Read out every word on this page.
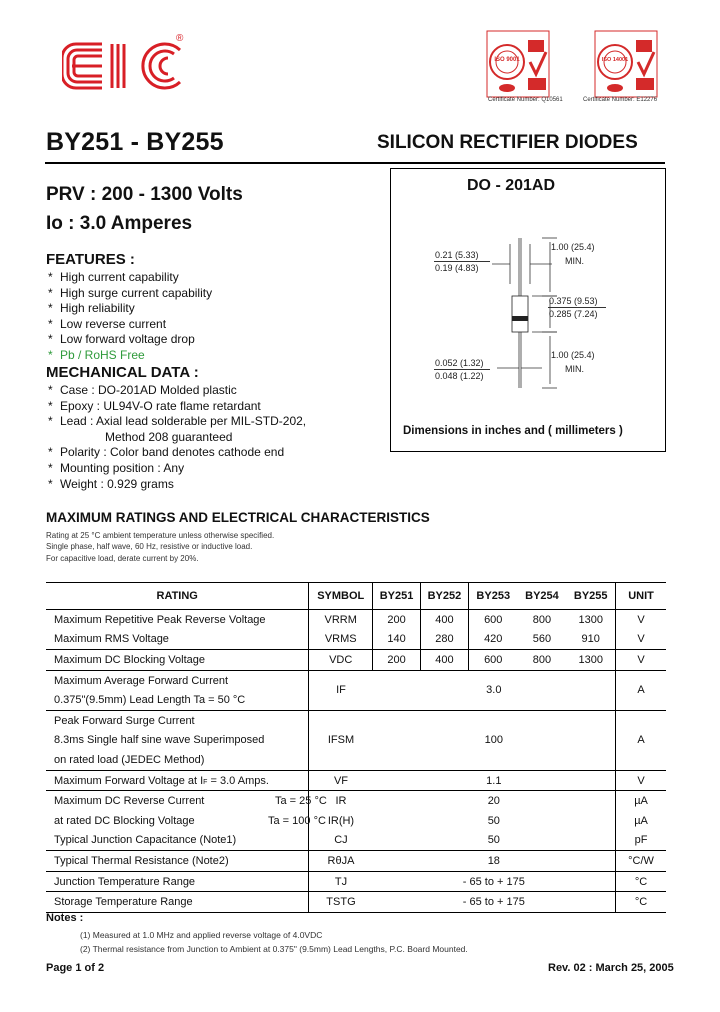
®
ISO 9001	ISO 14001
Certificate Number: Q10561	Certificate Number: E12276
BY251 - BY255	SILICON RECTIFIER DIODES
PRV : 200 - 1300 Volts
Io : 3.0 Amperes
FEATURES :
* High current capability
* High surge current capability
* High reliability
* Low reverse current
* Low forward voltage drop
* Pb / RoHS Free
MECHANICAL DATA :
* Case : DO-201AD Molded plastic
* Epoxy : UL94V-O rate flame retardant
* Lead : Axial lead solderable per MIL-STD-202,
Method 208 guaranteed
* Polarity : Color band denotes cathode end
* Mounting position : Any
* Weight : 0.929 grams
DO - 201AD
0.21 (5.33)
0.19 (4.83)
1.00 (25.4)
MIN.
0.375 (9.53)
0.285 (7.24)
0.052 (1.32)
0.048 (1.22)
1.00 (25.4)
MIN.
Dimensions in inches and ( millimeters )
MAXIMUM RATINGS AND ELECTRICAL CHARACTERISTICS
Rating at 25 °C ambient temperature unless otherwise specified.
Single phase, half wave, 60 Hz, resistive or inductive load.
For capacitive load, derate current by 20%.
RATING	SYMBOL	BY251	BY252	BY253	BY254	BY255	UNIT
Maximum Repetitive Peak Reverse Voltage	VRRM	200	400	600	800	1300	V
Maximum RMS Voltage	VRMS	140	280	420	560	910	V
Maximum DC Blocking Voltage	VDC	200	400	600	800	1300	V
Maximum Average Forward Current							
0.375"(9.5mm) Lead Length Ta = 50 °C	IF	3.0					A
Peak Forward Surge Current							
8.3ms Single half sine wave Superimposed	IFSM	100					A
on rated load (JEDEC Method)							
Maximum Forward Voltage at IF = 3.0 Amps.	VF	1.1					V
Maximum DC Reverse Current Ta = 25 °C	IR	20					µA
at rated DC Blocking Voltage Ta = 100 °C	IR(H)	50					µA
Typical Junction Capacitance (Note1)	CJ	50					pF
Typical Thermal Resistance (Note2)	RθJA	18					°C/W
Junction Temperature Range	TJ	- 65 to + 175					°C
Storage Temperature Range	TSTG	- 65 to + 175					°C
Notes :
(1) Measured at 1.0 MHz and applied reverse voltage of 4.0VDC
(2) Thermal resistance from Junction to Ambient at 0.375" (9.5mm) Lead Lengths, P.C. Board Mounted.
Page 1 of 2	Rev. 02 : March 25, 2005
